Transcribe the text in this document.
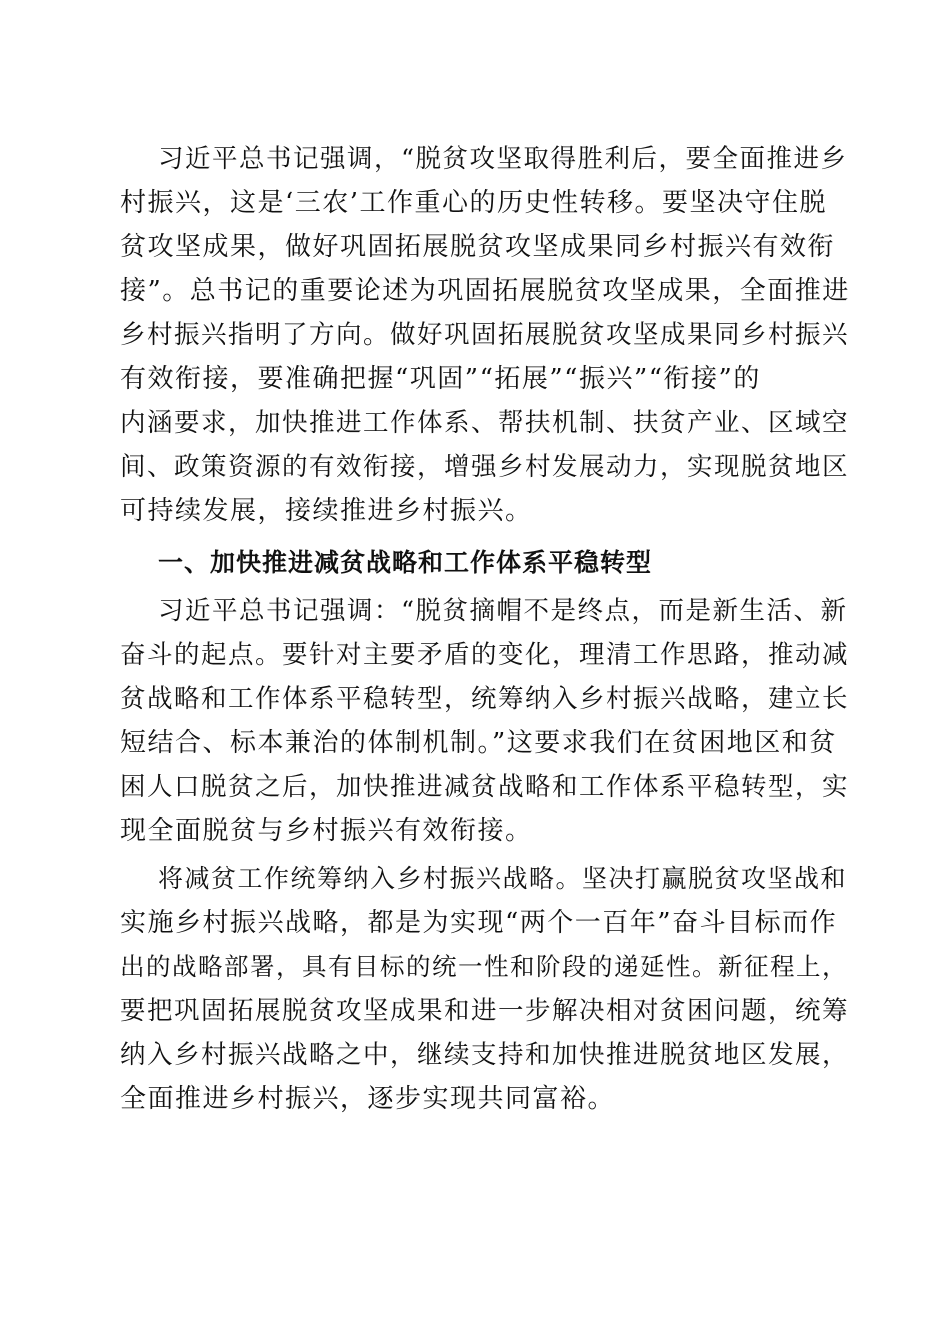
习近平总书记强调，“脱贫攻坚取得胜利后，要全面推进乡
村振兴，这是‘三农’工作重心的历史性转移。要坚决守住脱
贫攻坚成果，做好巩固拓展脱贫攻坚成果同乡村振兴有效衔
接”。总书记的重要论述为巩固拓展脱贫攻坚成果，全面推进
乡村振兴指明了方向。做好巩固拓展脱贫攻坚成果同乡村振兴
有效衔接，要准确把握“巩固”“拓展”“振兴”“衔接”的
内涵要求，加快推进工作体系、帮扶机制、扶贫产业、区域空
间、政策资源的有效衔接，增强乡村发展动力，实现脱贫地区
可持续发展，接续推进乡村振兴。
一、加快推进减贫战略和工作体系平稳转型
习近平总书记强调：“脱贫摘帽不是终点，而是新生活、新
奋斗的起点。要针对主要矛盾的变化，理清工作思路，推动减
贫战略和工作体系平稳转型，统筹纳入乡村振兴战略，建立长
短结合、标本兼治的体制机制。”这要求我们在贫困地区和贫
困人口脱贫之后，加快推进减贫战略和工作体系平稳转型，实
现全面脱贫与乡村振兴有效衔接。
将减贫工作统筹纳入乡村振兴战略。坚决打赢脱贫攻坚战和
实施乡村振兴战略，都是为实现“两个一百年”奋斗目标而作
出的战略部署，具有目标的统一性和阶段的递延性。新征程上，
要把巩固拓展脱贫攻坚成果和进一步解决相对贫困问题，统筹
纳入乡村振兴战略之中，继续支持和加快推进脱贫地区发展，
全面推进乡村振兴，逐步实现共同富裕。
